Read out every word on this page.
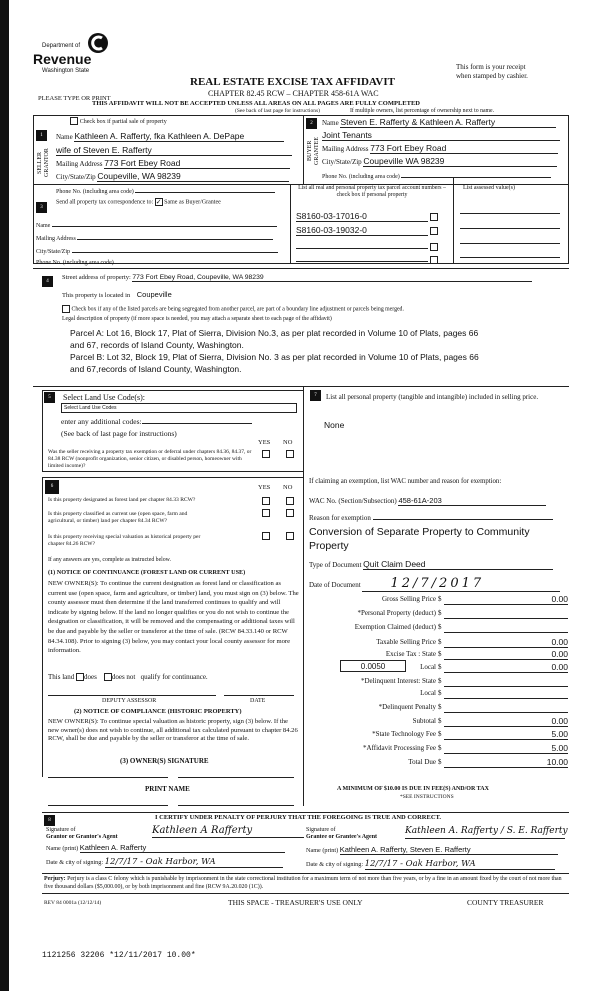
Department of
Revenue
Washington State
REAL ESTATE EXCISE TAX AFFIDAVIT
CHAPTER 82.45 RCW – CHAPTER 458-61A WAC
PLEASE TYPE OR PRINT
THIS AFFIDAVIT WILL NOT BE ACCEPTED UNLESS ALL AREAS ON ALL PAGES ARE FULLY COMPLETED
(See back of last page for instructions)
This form is your receipt
when stamped by cashier.
If multiple owners, list percentage of ownership next to name.
Check box if partial sale of property
1
SELLER GRANTOR
Name Kathleen A. Rafferty, fka Kathleen A. DePape
wife of Steven E. Rafferty
Mailing Address 773 Fort Ebey Road
City/State/Zip Coupeville, WA 98239
Phone No. (including area code)
2
BUYER GRANTEE
Name Steven E. Rafferty & Kathleen A. Rafferty
Joint Tenants
Mailing Address 773 Fort Ebey Road
City/State/Zip Coupeville WA 98239
Phone No. (including area code)
3
Send all property tax correspondence to: ✓ Same as Buyer/Grantee
Name
Mailing Address
City/State/Zip
Phone No. (including area code)

List all real and personal property tax parcel account numbers – check box if personal property

List assessed value(s)
S8160-03-17016-0
S8160-03-19032-0

4
Street address of property: 773 Fort Ebey Road, Coupeville, WA 98239
This property is located in Coupeville
Check box if any of the listed parcels are being segregated from another parcel, are part of a boundary line adjustment or parcels being merged.
Legal description of property (if more space is needed, you may attach a separate sheet to each page of the affidavit)
Parcel A: Lot 16, Block 17, Plat of Sierra, Division No.3, as per plat recorded in Volume 10 of Plats, pages 66
and 67, records of Island County, Washington.
Parcel B: Lot 32, Block 19, Plat of Sierra, Division No. 3 as per plat recorded in Volume 10 of Plats, pages 66
and 67,records of Island County, Washington.
5	Select Land Use Code(s):
Select Land Use Codes
enter any additional codes:
(See back of last page for instructions)
YES NO

Was the seller receiving a property tax exemption or deferral under chapters 84.36, 84.37, or 84.38 RCW (nonprofit organization, senior citizen, or disabled person, homeowner with limited income)?

7	List all personal property (tangible and intangible) included in selling price.

None
6	YES NO

Is this property designated as forest land per chapter 84.33 RCW?

Is this property classified as current use (open space, farm and agricultural, or timber) land per chapter 84.34 RCW?

Is this property receiving special valuation as historical property per chapter 84.26 RCW?

If any answers are yes, complete as instructed below.
(1) NOTICE OF CONTINUANCE (FOREST LAND OR CURRENT USE)

NEW OWNER(S): To continue the current designation as forest land or classification as current use (open space, farm and agriculture, or timber) land, you must sign on (3) below. The county assessor must then determine if the land transferred continues to qualify and will indicate by signing below. If the land no longer qualifies or you do not wish to continue the designation or classification, it will be removed and the compensating or additional taxes will be due and payable by the seller or transferor at the time of sale. (RCW 84.33.140 or RCW 84.34.108). Prior to signing (3) below, you may contact your local county assessor for more information.

This land does does not qualify for continuance.
DEPUTY ASSESSOR	DATE
(2) NOTICE OF COMPLIANCE (HISTORIC PROPERTY)

NEW OWNER(S): To continue special valuation as historic property, sign (3) below. If the new owner(s) does not wish to continue, all additional tax calculated pursuant to chapter 84.26 RCW, shall be due and payable by the seller or transferor at the time of sale.

(3) OWNER(S) SIGNATURE
PRINT NAME
If claiming an exemption, list WAC number and reason for exemption:
WAC No. (Section/Subsection) 458-61A-203
Reason for exemption

Conversion of Separate Property to Community Property

Type of Document Quit Claim Deed
Date of Document 12/7/2017
Gross Selling Price $	0.00
*Personal Property (deduct) $
Exemption Claimed (deduct) $
Taxable Selling Price $	0.00
Excise Tax : State $	0.00
Local $	0.00
*Delinquent Interest: State $
Local $
*Delinquent Penalty $
Subtotal $	0.00
*State Technology Fee $	5.00
*Affidavit Processing Fee $	5.00
Total Due $	10.00
0.0050
A MINIMUM OF $10.00 IS DUE IN FEE(S) AND/OR TAX
*SEE INSTRUCTIONS
8	I CERTIFY UNDER PENALTY OF PERJURY THAT THE FOREGOING IS TRUE AND CORRECT.
Signature of
Grantor or Grantor's Agent
Kathleen A Rafferty
Name (print) Kathleen A. Rafferty
Date & city of signing: 12/7/17 - Oak Harbor, WA
Signature of
Grantee or Grantee's Agent
Kathleen A. Rafferty / S. E. Rafferty
Name (print) Kathleen A. Rafferty, Steven E. Rafferty
Date & city of signing: 12/7/17 - Oak Harbor, WA

Perjury: Perjury is a class C felony which is punishable by imprisonment in the state correctional institution for a maximum term of not more than five years, or by a fine in an amount fixed by the court of not more than five thousand dollars ($5,000.00), or by both imprisonment and fine (RCW 9A.20.020 (1C)).

REV 84 0001a (12/12/14)	THIS SPACE - TREASURER'S USE ONLY	COUNTY TREASURER
1121256 32206 *12/11/2017 10.00*
